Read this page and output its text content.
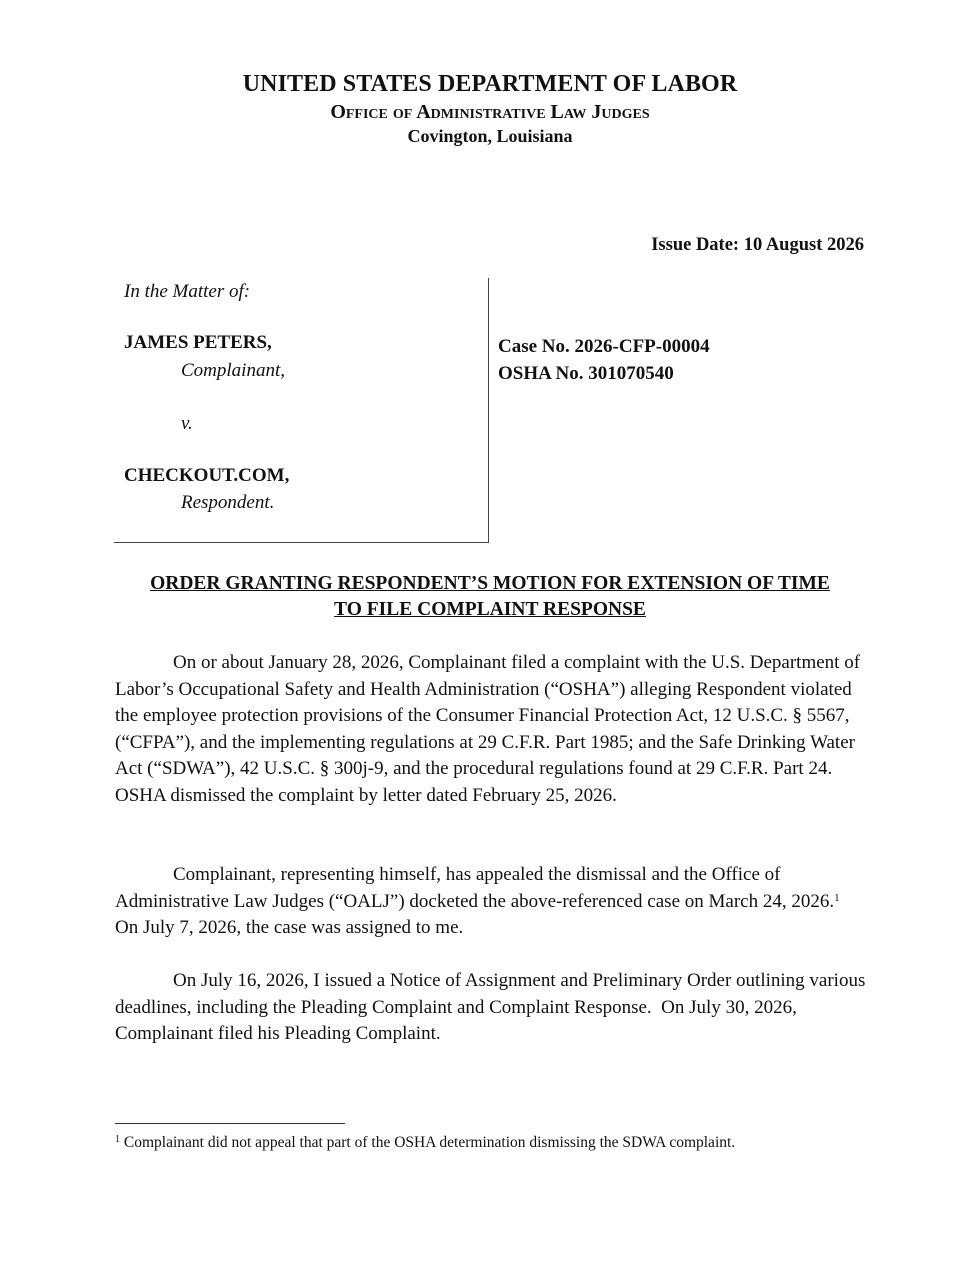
UNITED STATES DEPARTMENT OF LABOR
Office of Administrative Law Judges
Covington, Louisiana
Issue Date: 10 August 2026
In the Matter of:
JAMES PETERS,
Complainant,
v.
CHECKOUT.COM,
Respondent.
Case No. 2026-CFP-00004
OSHA No. 301070540
ORDER GRANTING RESPONDENT’S MOTION FOR EXTENSION OF TIME
TO FILE COMPLAINT RESPONSE

On or about January 28, 2026, Complainant filed a complaint with the U.S. Department of Labor’s Occupational Safety and Health Administration (“OSHA”) alleging Respondent violated the employee protection provisions of the Consumer Financial Protection Act, 12 U.S.C. § 5567, (“CFPA”), and the implementing regulations at 29 C.F.R. Part 1985; and the Safe Drinking Water Act (“SDWA”), 42 U.S.C. § 300j-9, and the procedural regulations found at 29 C.F.R. Part 24. OSHA dismissed the complaint by letter dated February 25, 2026.

Complainant, representing himself, has appealed the dismissal and the Office of Administrative Law Judges (“OALJ”) docketed the above-referenced case on March 24, 2026.$^1$  On July 7, 2026, the case was assigned to me.

On July 16, 2026, I issued a Notice of Assignment and Preliminary Order outlining various deadlines, including the Pleading Complaint and Complaint Response.  On July 30, 2026, Complainant filed his Pleading Complaint.

$^1$ Complainant did not appeal that part of the OSHA determination dismissing the SDWA complaint.
